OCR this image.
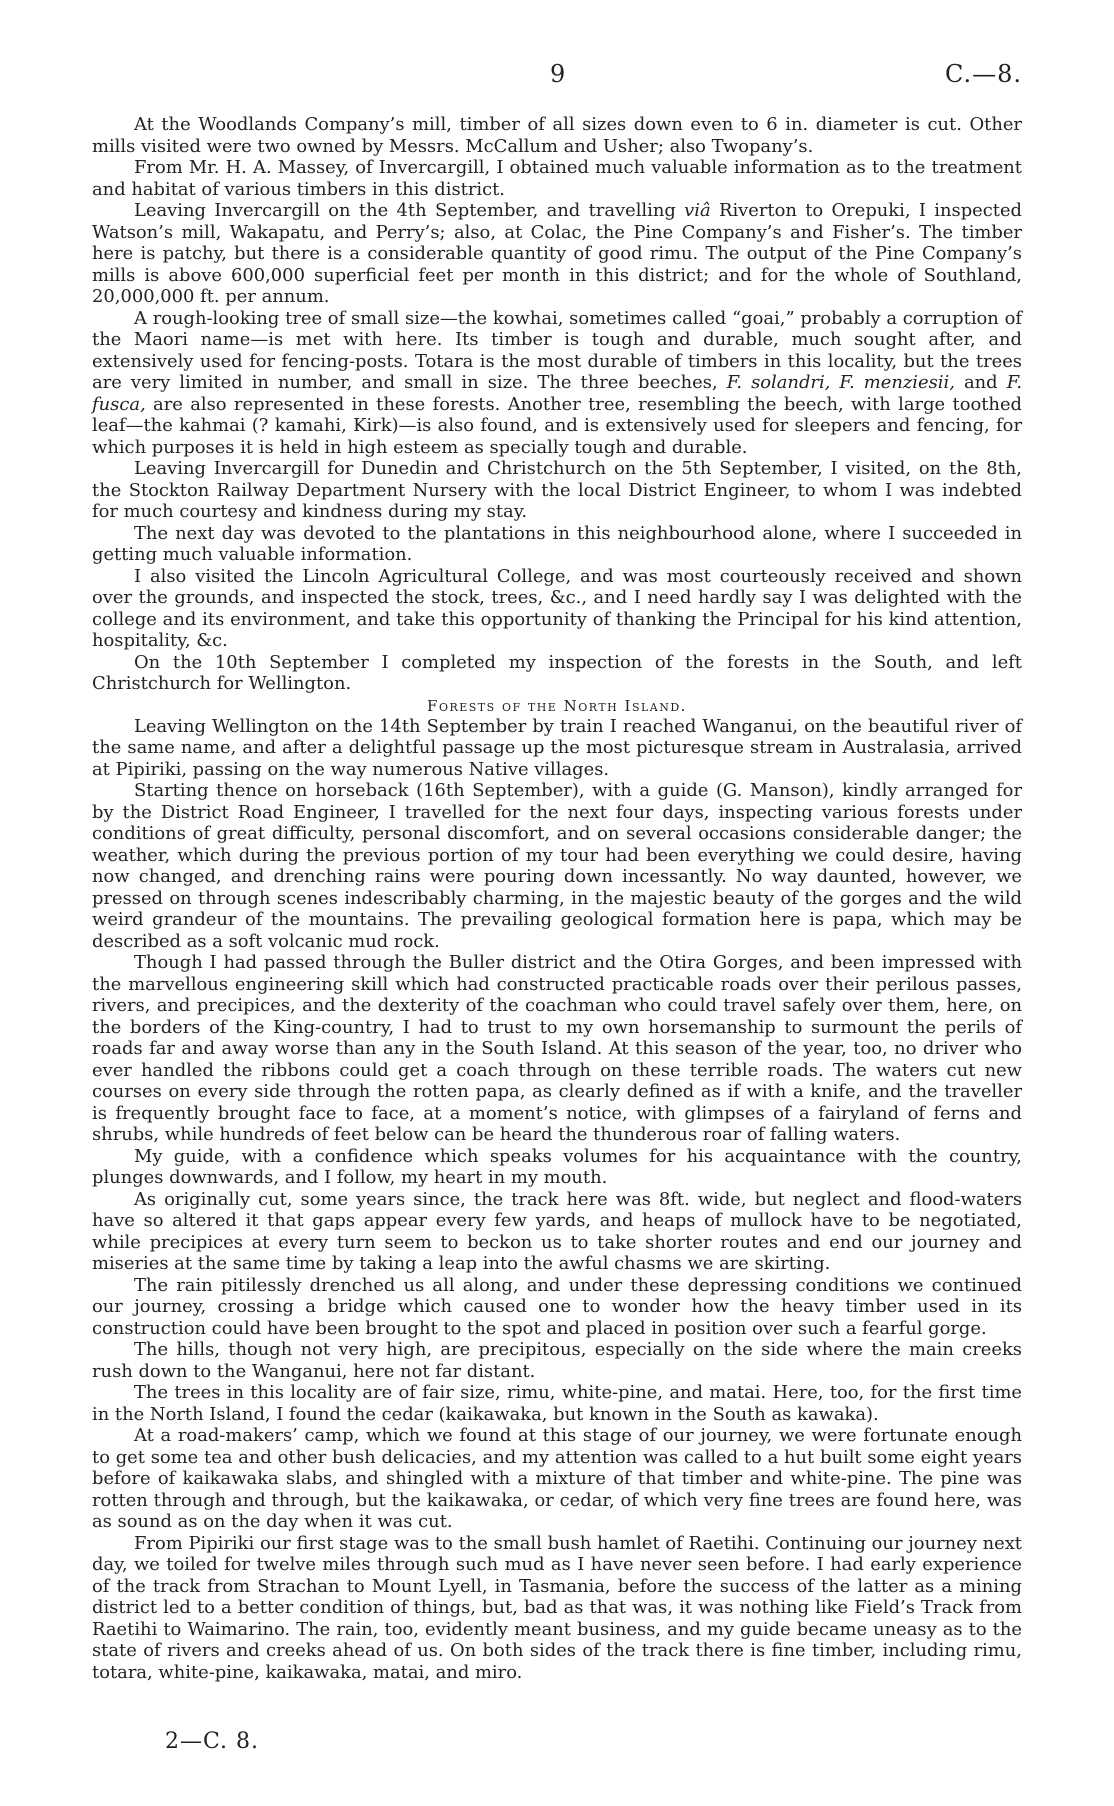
9	C.—8.

At the Woodlands Company’s mill, timber of all sizes down even to 6 in. diameter is cut. Other mills visited were two owned by Messrs. McCallum and Usher; also Twopany’s.

From Mr. H. A. Massey, of Invercargill, I obtained much valuable information as to the treatment and habitat of various timbers in this district.

Leaving Invercargill on the 4th September, and travelling viâ Riverton to Orepuki, I inspected Watson’s mill, Wakapatu, and Perry’s; also, at Colac, the Pine Company’s and Fisher’s. The timber here is patchy, but there is a considerable quantity of good rimu. The output of the Pine Company’s mills is above 600,000 superficial feet per month in this district; and for the whole of Southland, 20,000,000 ft. per annum.

A rough-looking tree of small size—the kowhai, sometimes called “goai,” probably a corruption of the Maori name—is met with here. Its timber is tough and durable, much sought after, and extensively used for fencing-posts. Totara is the most durable of timbers in this locality, but the trees are very limited in number, and small in size. The three beeches, F. solandri, F. menziesii, and F. fusca, are also represented in these forests. Another tree, resembling the beech, with large toothed leaf—the kahmai (? kamahi, Kirk)—is also found, and is extensively used for sleepers and fencing, for which purposes it is held in high esteem as specially tough and durable.

Leaving Invercargill for Dunedin and Christchurch on the 5th September, I visited, on the 8th, the Stockton Railway Department Nursery with the local District Engineer, to whom I was indebted for much courtesy and kindness during my stay.

The next day was devoted to the plantations in this neighbourhood alone, where I succeeded in getting much valuable information.

I also visited the Lincoln Agricultural College, and was most courteously received and shown over the grounds, and inspected the stock, trees, &c., and I need hardly say I was delighted with the college and its environment, and take this opportunity of thanking the Principal for his kind attention, hospitality, &c.

On the 10th September I completed my inspection of the forests in the South, and left Christchurch for Wellington.

Forests of the North Island.

Leaving Wellington on the 14th September by train I reached Wanganui, on the beautiful river of the same name, and after a delightful passage up the most picturesque stream in Australasia, arrived at Pipiriki, passing on the way numerous Native villages.

Starting thence on horseback (16th September), with a guide (G. Manson), kindly arranged for by the District Road Engineer, I travelled for the next four days, inspecting various forests under conditions of great difficulty, personal discomfort, and on several occasions considerable danger; the weather, which during the previous portion of my tour had been everything we could desire, having now changed, and drenching rains were pouring down incessantly. No way daunted, however, we pressed on through scenes indescribably charming, in the majestic beauty of the gorges and the wild weird grandeur of the mountains. The prevailing geological formation here is papa, which may be described as a soft volcanic mud rock.

Though I had passed through the Buller district and the Otira Gorges, and been impressed with the marvellous engineering skill which had constructed practicable roads over their perilous passes, rivers, and precipices, and the dexterity of the coachman who could travel safely over them, here, on the borders of the King-country, I had to trust to my own horsemanship to surmount the perils of roads far and away worse than any in the South Island. At this season of the year, too, no driver who ever handled the ribbons could get a coach through on these terrible roads. The waters cut new courses on every side through the rotten papa, as clearly defined as if with a knife, and the traveller is frequently brought face to face, at a moment’s notice, with glimpses of a fairyland of ferns and shrubs, while hundreds of feet below can be heard the thunderous roar of falling waters.

My guide, with a confidence which speaks volumes for his acquaintance with the country, plunges downwards, and I follow, my heart in my mouth.

As originally cut, some years since, the track here was 8ft. wide, but neglect and flood-waters have so altered it that gaps appear every few yards, and heaps of mullock have to be negotiated, while precipices at every turn seem to beckon us to take shorter routes and end our journey and miseries at the same time by taking a leap into the awful chasms we are skirting.

The rain pitilessly drenched us all along, and under these depressing conditions we continued our journey, crossing a bridge which caused one to wonder how the heavy timber used in its construction could have been brought to the spot and placed in position over such a fearful gorge.

The hills, though not very high, are precipitous, especially on the side where the main creeks rush down to the Wanganui, here not far distant.

The trees in this locality are of fair size, rimu, white-pine, and matai. Here, too, for the first time in the North Island, I found the cedar (kaikawaka, but known in the South as kawaka).

At a road-makers’ camp, which we found at this stage of our journey, we were fortunate enough to get some tea and other bush delicacies, and my attention was called to a hut built some eight years before of kaikawaka slabs, and shingled with a mixture of that timber and white-pine. The pine was rotten through and through, but the kaikawaka, or cedar, of which very fine trees are found here, was as sound as on the day when it was cut.

From Pipiriki our first stage was to the small bush hamlet of Raetihi. Continuing our journey next day, we toiled for twelve miles through such mud as I have never seen before. I had early experience of the track from Strachan to Mount Lyell, in Tasmania, before the success of the latter as a mining district led to a better condition of things, but, bad as that was, it was nothing like Field’s Track from Raetihi to Waimarino. The rain, too, evidently meant business, and my guide became uneasy as to the state of rivers and creeks ahead of us. On both sides of the track there is fine timber, including rimu, totara, white-pine, kaikawaka, matai, and miro.

2—C. 8.
